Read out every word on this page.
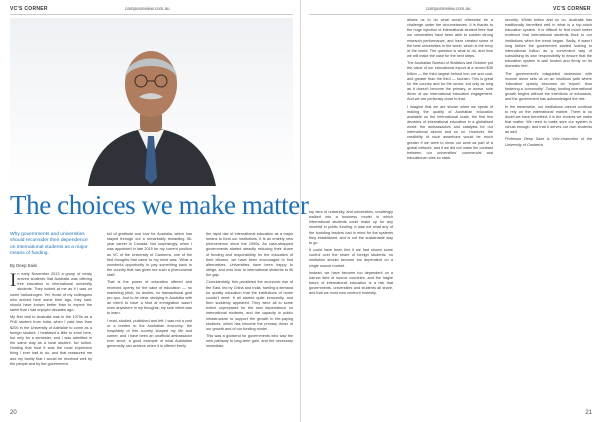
VC'S CORNER	campusreview.com.au
The choices we make matter
Why governments and universities should reconsider their dependence on international students as a major means of funding.
By Deep Saini

In early November 2013 a group of newly arrived students that Australia was offering free education to international university students. They looked at me as if I was on some hallucinogen. Yet, those of my colleagues who arrived here some time ago, they said, should have known better than to expect the same that I had enjoyed decades ago.

My first visit to Australia was in the 1970s as a PhD student from India, when I paid less than $200 in the University of Adelaide to come as a foreign student. I hesitated a little to enrol here, but only for a semester, and I was admitted in the same way as a local student. No tuition. Holding that trust it was the most expensive thing I ever had to do, and that reassured me and my family that I would be received well by the people and by the government.

full of gratitude and love for Australia, which has stayed through out a remarkably rewarding 36-year career in Canada. Not surprisingly, when I was appointed in late 2015 for my current position as VC of the University of Canberra, one of the first thoughts that came to my mind was: 'What a wonderful opportunity to pay something back to the country that has given me such a phenomenal start'.

That is the power of education offered and received openly for the sake of education — no marketing pitch, no doubts, no transactional gold pro quo. Just to be clear, studying in Australia with an intent to have a shot at immigration wasn't even anywhere in my thoughts; my sole intent was to learn.

I read, studied, published and left. I was not a cost or a burden to the Australian economy; the hospitality of this country shaped my life and career, and I have been an unofficial ambassador ever since, a good example of what Australian generosity can achieve when it is offered freely.

the rapid rise of international education as a major means to fund our institutions. It is an entirely new phenomenon since the 1990s. As cash-strapped governments started steadily reducing their share of funding and responsibility for the education of their citizens, we have been encouraged to find alternatives. Universities have been happy to oblige, and now look to international students to fill the gap.

Coincidentally, this paralleled the economic rise of the East, led by China and India, fuelling a demand for quality education that the institutions of home couldn't meet. It all started quite innocently, and then suddenly appeared. They were all to some extent unprepared for the new dependence on international students, and the capacity in public infrastructure to support the growth in fee-paying students, which has become the primary driver of our growth and of our funding model.

This was a godsend for governments who saw the new pathway to long-term gain, and the necessary immediate

20
campusreview.com.au	VC'S CORNER

top tiers of university, and universities, unwittingly walked into a business model in which international students could make up for any shortfall in public funding. It was not what any of the founding leaders had in mind for the systems they established, and is not the sustainable way to go.

It could have been fine if we had shown some control over the share of foreign students: no institution should become too dependent on a single source market.

Instead, we have become too dependent on a narrow field of source countries, and the fragile future of international education is a risk that governments, universities and students all share, and that we must now confront honestly.

allows us to do what would otherwise be a challenge under the circumstances. It is thanks to the huge injection of international student fees that our universities have been able to sustain strong research performance, and have created some of the best universities in the world, which is the envy of the world. The question is what to do, and how we will make the case for the next steps.

The Australian Bureau of Statistics last October put the value of our educational export at a record $35 billion — the third largest behind iron ore and coal, and greater than the third — tourism. This is great for the country and for the sector, but only as long as it doesn't become the primary, or worse, sole driver of our international education engagement. And we are perilously close to that.

I imagine that we are shown when we speak of making the quality of Australian education available on the international scale, the first few decades of international education in a globalised world: the ambassadors and catalysts for our international alumni and so on. However, the credibility of such assertions would be much greater if we were to show our work as part of a global network, and if we did not make the contrast between our universities' commercial and educational roles so stark.

security. Whilst tuition and so on, Australia has traditionally benefited well in what is a top-notch education system. It is difficult to find much better evidence that international students flock to our institutions when the trend began. Sadly, it wasn't long before the government started looking to international tuition as a convenient way of subsidising its own responsibility to ensure that the education system is well funded and firmly on its domestic feet.

The government's misguided obsession with income alone sets us on an insidious path where 'education' quickly becomes an 'export', thus fostering a 'commodity'. Today, funding international growth begins without the intentions of educators, and the government has acknowledged the risk.

In the meanwhile, our institutions cannot continue to rely on the international market. There is no doubt we have benefited; it is the choices we make that matter. We need to make sure our system is robust enough, and that it serves our own students as well.

Professor Deep Saini is Vice-chancellor of the University of Canberra.

21
